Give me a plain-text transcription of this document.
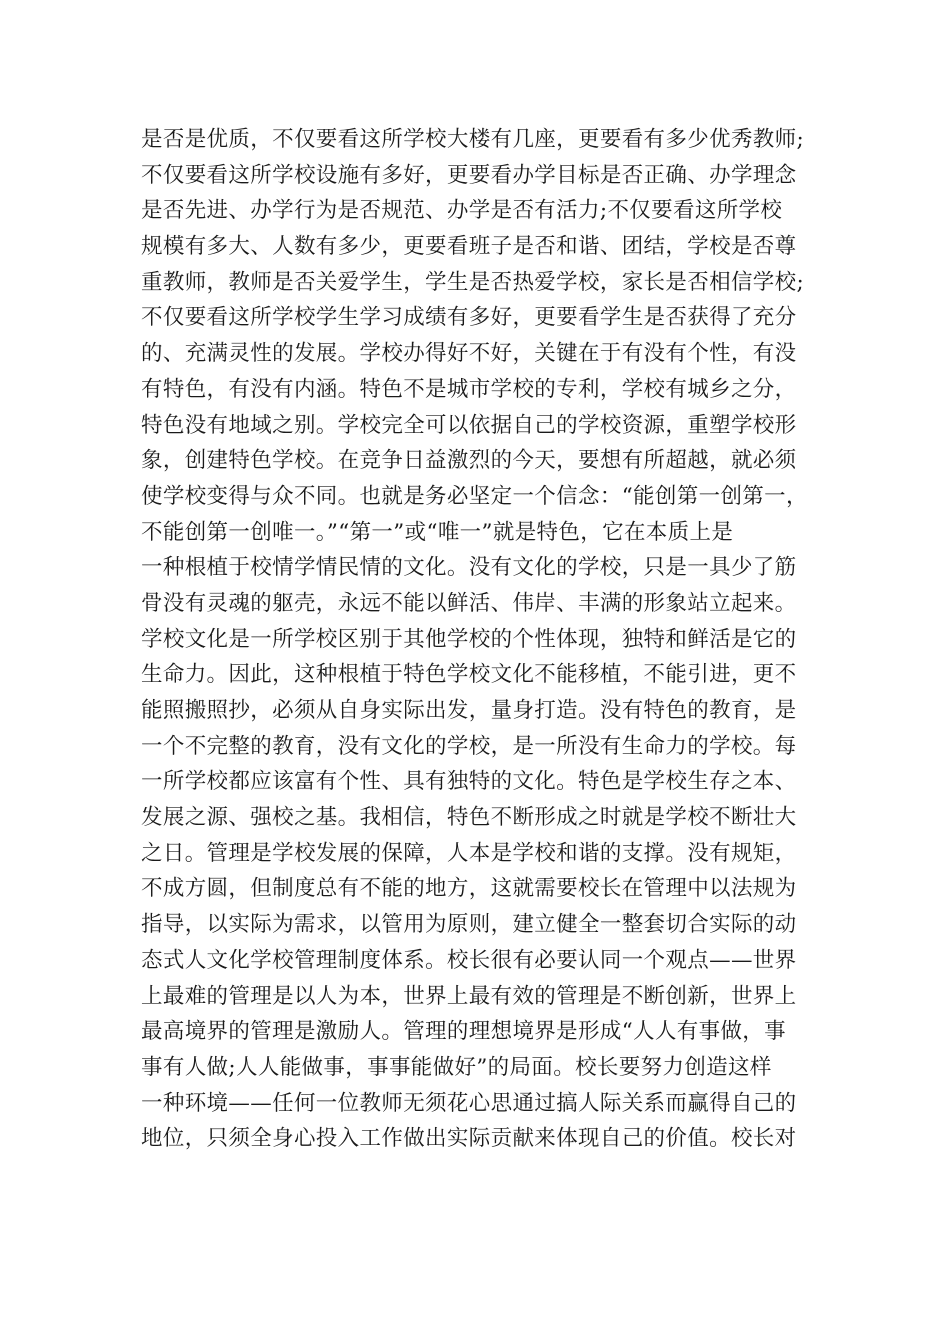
是否是优质，不仅要看这所学校大楼有几座，更要看有多少优秀教师;
不仅要看这所学校设施有多好，更要看办学目标是否正确、办学理念
是否先进、办学行为是否规范、办学是否有活力;不仅要看这所学校
规模有多大、人数有多少，更要看班子是否和谐、团结，学校是否尊
重教师，教师是否关爱学生，学生是否热爱学校，家长是否相信学校;
不仅要看这所学校学生学习成绩有多好，更要看学生是否获得了充分
的、充满灵性的发展。学校办得好不好，关键在于有没有个性，有没
有特色，有没有内涵。特色不是城市学校的专利，学校有城乡之分，
特色没有地域之别。学校完全可以依据自己的学校资源，重塑学校形
象，创建特色学校。在竞争日益激烈的今天，要想有所超越，就必须
使学校变得与众不同。也就是务必坚定一个信念：“能创第一创第一，
不能创第一创唯一。”“第一”或“唯一”就是特色，它在本质上是
一种根植于校情学情民情的文化。没有文化的学校，只是一具少了筋
骨没有灵魂的躯壳，永远不能以鲜活、伟岸、丰满的形象站立起来。
学校文化是一所学校区别于其他学校的个性体现，独特和鲜活是它的
生命力。因此，这种根植于特色学校文化不能移植，不能引进，更不
能照搬照抄，必须从自身实际出发，量身打造。没有特色的教育，是
一个不完整的教育，没有文化的学校，是一所没有生命力的学校。每
一所学校都应该富有个性、具有独特的文化。特色是学校生存之本、
发展之源、强校之基。我相信，特色不断形成之时就是学校不断壮大
之日。管理是学校发展的保障，人本是学校和谐的支撑。没有规矩，
不成方圆，但制度总有不能的地方，这就需要校长在管理中以法规为
指导，以实际为需求，以管用为原则，建立健全一整套切合实际的动
态式人文化学校管理制度体系。校长很有必要认同一个观点——世界
上最难的管理是以人为本，世界上最有效的管理是不断创新，世界上
最高境界的管理是激励人。管理的理想境界是形成“人人有事做，事
事有人做;人人能做事，事事能做好”的局面。校长要努力创造这样
一种环境——任何一位教师无须花心思通过搞人际关系而赢得自己的
地位，只须全身心投入工作做出实际贡献来体现自己的价值。校长对
